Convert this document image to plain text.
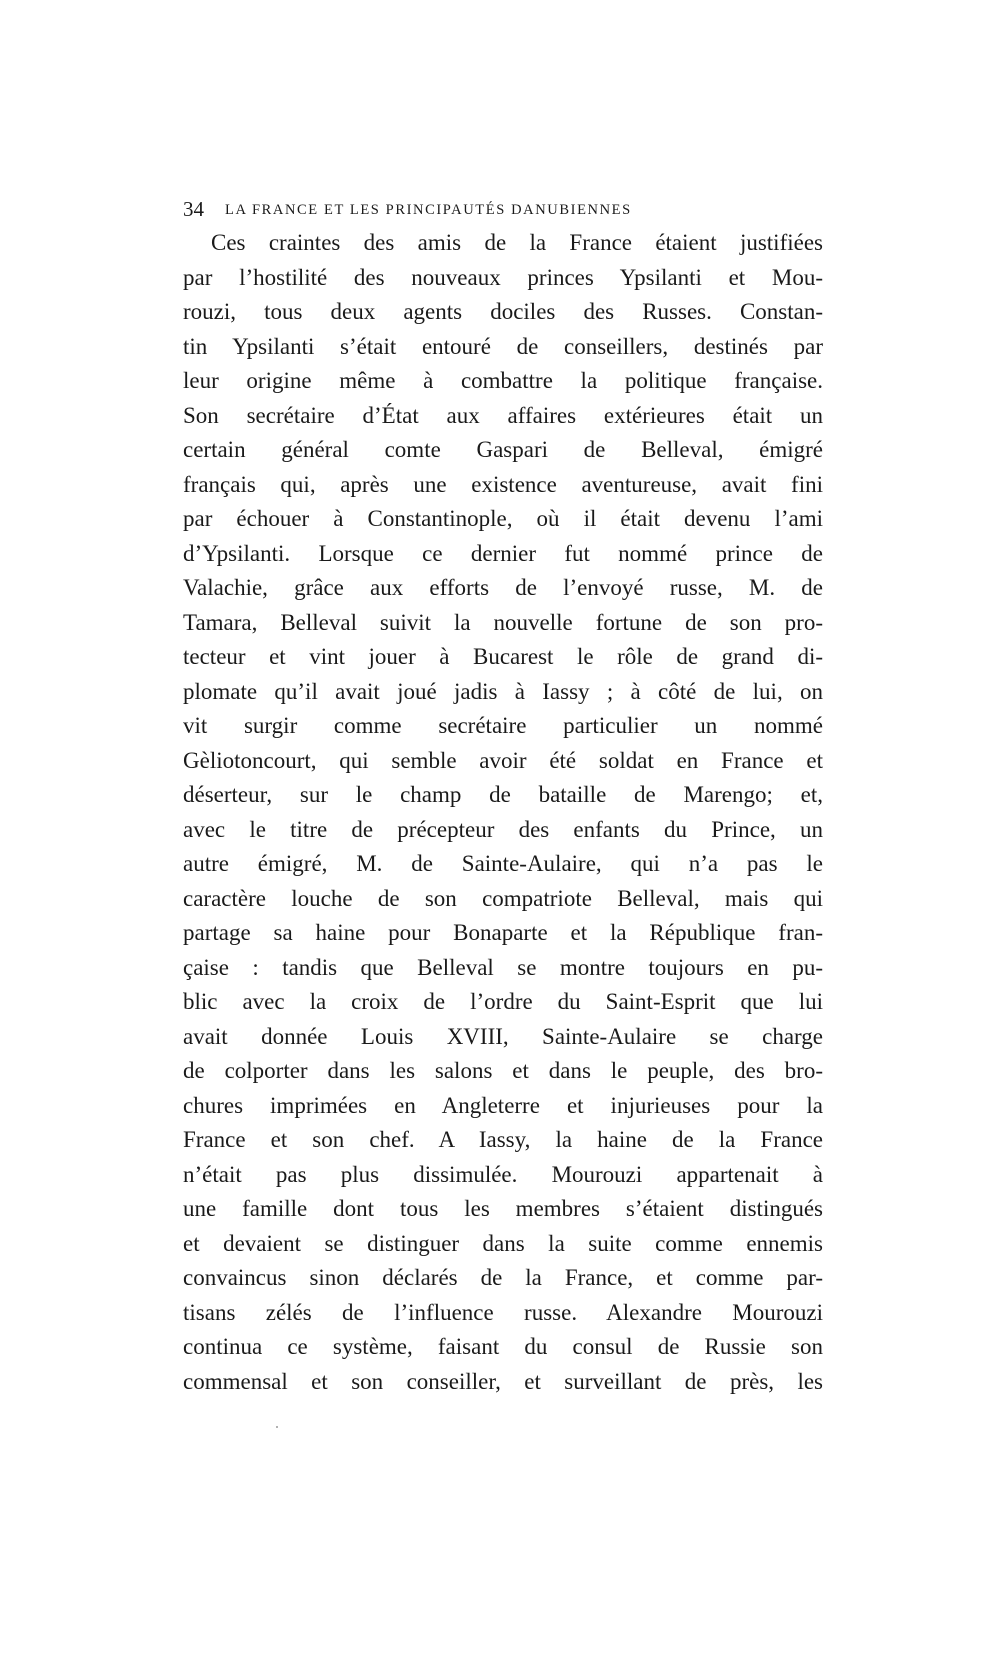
34 LA FRANCE ET LES PRINCIPAUTÉS DANUBIENNES
Ces craintes des amis de la France étaient justifiées
par l’hostilité des nouveaux princes Ypsilanti et Mou-
rouzi, tous deux agents dociles des Russes. Constan-
tin Ypsilanti s’était entouré de conseillers, destinés par
leur origine même à combattre la politique française.
Son secrétaire d’État aux affaires extérieures était un
certain général comte Gaspari de Belleval, émigré
français qui, après une existence aventureuse, avait fini
par échouer à Constantinople, où il était devenu l’ami
d’Ypsilanti. Lorsque ce dernier fut nommé prince de
Valachie, grâce aux efforts de l’envoyé russe, M. de
Tamara, Belleval suivit la nouvelle fortune de son pro-
tecteur et vint jouer à Bucarest le rôle de grand di-
plomate qu’il avait joué jadis à Iassy ; à côté de lui, on
vit surgir comme secrétaire particulier un nommé
Gèliotoncourt, qui semble avoir été soldat en France et
déserteur, sur le champ de bataille de Marengo; et,
avec le titre de précepteur des enfants du Prince, un
autre émigré, M. de Sainte-Aulaire, qui n’a pas le
caractère louche de son compatriote Belleval, mais qui
partage sa haine pour Bonaparte et la République fran-
çaise : tandis que Belleval se montre toujours en pu-
blic avec la croix de l’ordre du Saint-Esprit que lui
avait donnée Louis XVIII, Sainte-Aulaire se charge
de colporter dans les salons et dans le peuple, des bro-
chures imprimées en Angleterre et injurieuses pour la
France et son chef. A Iassy, la haine de la France
n’était pas plus dissimulée. Mourouzi appartenait à
une famille dont tous les membres s’étaient distingués
et devaient se distinguer dans la suite comme ennemis
convaincus sinon déclarés de la France, et comme par-
tisans zélés de l’influence russe. Alexandre Mourouzi
continua ce système, faisant du consul de Russie son
commensal et son conseiller, et surveillant de près, les
